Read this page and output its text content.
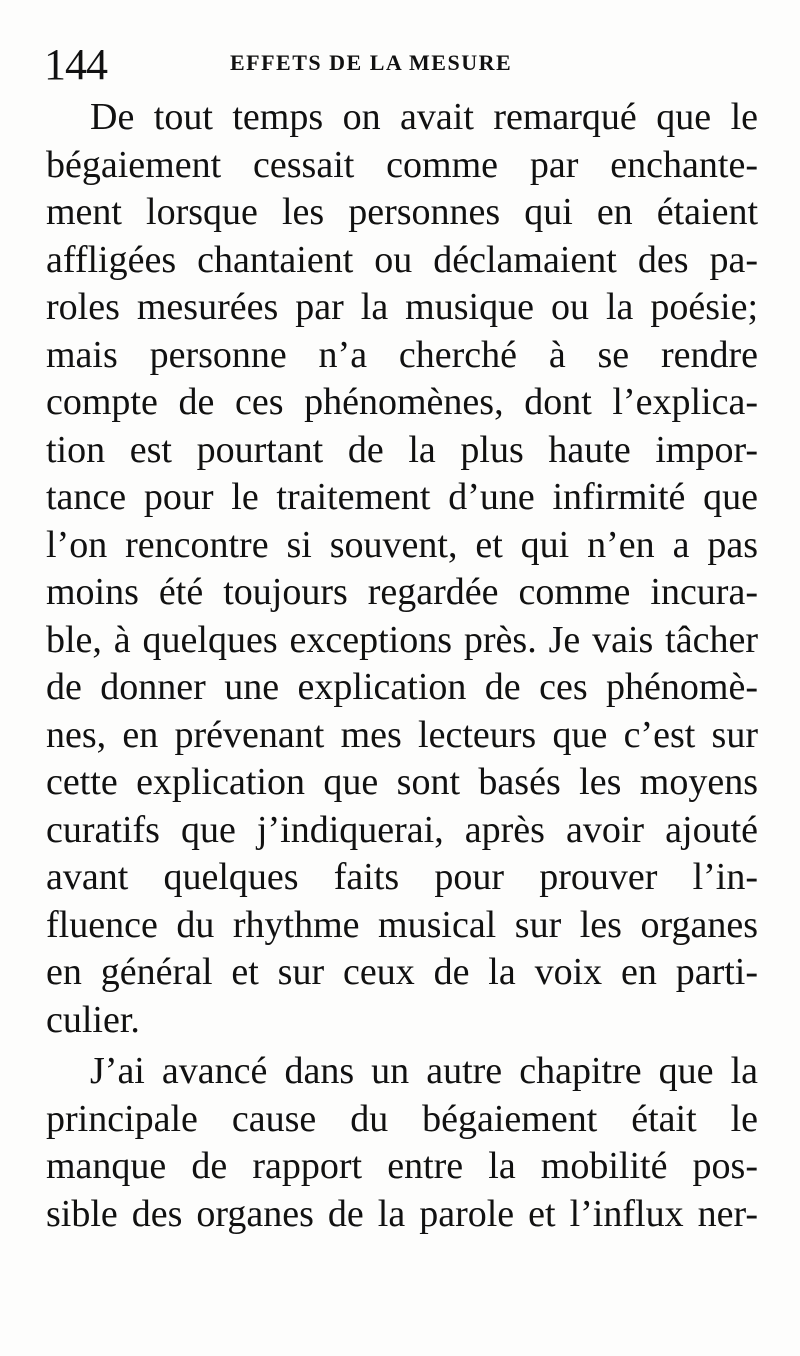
144	EFFETS DE LA MESURE
De tout temps on avait remarqué que le
bégaiement cessait comme par enchante-
ment lorsque les personnes qui en étaient
affligées chantaient ou déclamaient des pa-
roles mesurées par la musique ou la poésie;
mais personne n’a cherché à se rendre
compte de ces phénomènes, dont l’explica-
tion est pourtant de la plus haute impor-
tance pour le traitement d’une infirmité que
l’on rencontre si souvent, et qui n’en a pas
moins été toujours regardée comme incura-
ble, à quelques exceptions près. Je vais tâcher
de donner une explication de ces phénomè-
nes, en prévenant mes lecteurs que c’est sur
cette explication que sont basés les moyens
curatifs que j’indiquerai, après avoir ajouté
avant quelques faits pour prouver l’in-
fluence du rhythme musical sur les organes
en général et sur ceux de la voix en parti-
culier.
J’ai avancé dans un autre chapitre que la
principale cause du bégaiement était le
manque de rapport entre la mobilité pos-
sible des organes de la parole et l’influx ner-
